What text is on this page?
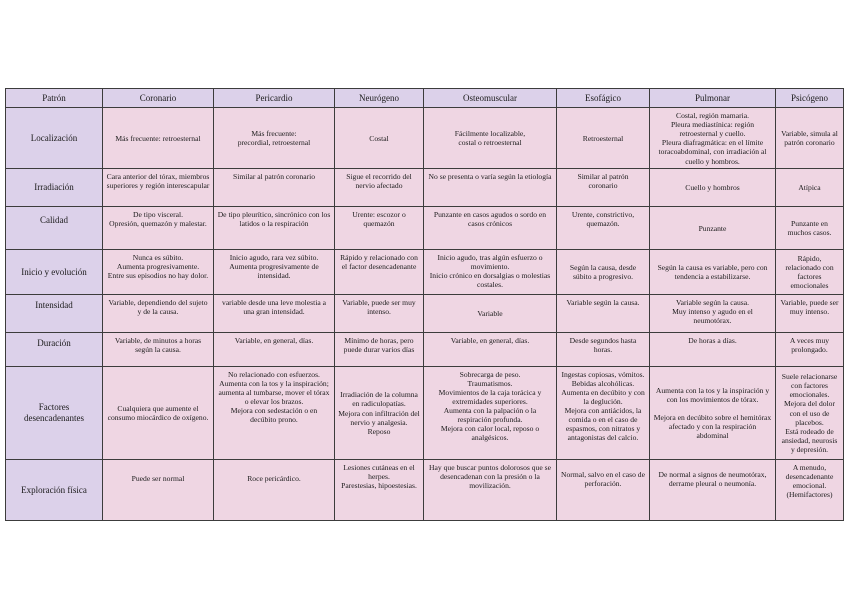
Patrón	Coronario	Pericardio	Neurógeno	Osteomuscular	Esofágico	Pulmonar	Psicógeno
Localización	Más frecuente: retroesternal	Más frecuente:
precordial, retroesternal	Costal	Fácilmente localizable,
costal o retroesternal	Retroesternal	Costal, región mamaria.
Pleura mediastínica: región retroesternal y cuello.
Pleura diafragmática: en el límite toracoabdominal, con irradiación al cuello y hombros.	Variable, simula al patrón coronario
Irradiación	Cara anterior del tórax, miembros superiores y región interescapular	Similar al patrón coronario	Sigue el recorrido del nervio afectado	No se presenta o varía según la etiología	Similar al patrón
coronario	Cuello y hombros	Atípica
Calidad	De tipo visceral.
Opresión, quemazón y malestar.	De tipo pleurítico, sincrónico con los latidos o la respiración	Urente: escozor o quemazón	Punzante en casos agudos o sordo en casos crónicos	Urente, constrictivo, quemazón.	Punzante	Punzante en muchos casos.
Inicio y evolución	Nunca es súbito.
Aumenta progresivamente.
Entre sus episodios no hay dolor.	Inicio agudo, rara vez súbito.
Aumenta progresivamente de intensidad.	Rápido y relacionado con el factor desencadenante	Inicio agudo, tras algún esfuerzo o movimiento.
Inicio crónico en dorsalgias o molestias costales.	Según la causa, desde súbito a progresivo.	Según la causa es variable, pero con tendencia a estabilizarse.	Rápido, relacionado con factores emocionales
Intensidad	Variable, dependiendo del sujeto y de la causa.	variable desde una leve molestia a una gran intensidad.	Variable, puede ser muy intenso.	Variable	Variable según la causa.	Variable según la causa.
Muy intenso y agudo en el neumotórax.	Variable, puede ser muy intenso.
Duración	Variable, de minutos a horas según la causa.	Variable, en general, días.	Mínimo de horas, pero puede durar varios días	Variable, en general, días.	Desde segundos hasta horas.	De horas a días.	A veces muy prolongado.
Factores desencadenantes	Cualquiera que aumente el consumo miocárdico de oxígeno.	No relacionado con esfuerzos.
Aumenta con la tos y la inspiración; aumenta al tumbarse, mover el tórax o elevar los brazos.
Mejora con sedestación o en decúbito prono.	Irradiación de la columna en radiculopatías.
Mejora con infiltración del nervio y analgesia.
Reposo	Sobrecarga de peso.
Traumatismos.
Movimientos de la caja torácica y extremidades superiores.
Aumenta con la palpación o la respiración profunda.
Mejora con calor local, reposo o analgésicos.	Ingestas copiosas, vómitos.
Bebidas alcohólicas.
Aumenta en decúbito y con la deglución.
Mejora con antiácidos, la comida o en el caso de espasmos, con nitratos y antagonistas del calcio.	Aumenta con la tos y la inspiración y con los movimientos de tórax.

Mejora en decúbito sobre el hemitórax afectado y con la respiración abdominal	Suele relacionarse con factores emocionales.
Mejora del dolor con el uso de placebos.
Está rodeado de ansiedad, neurosis y depresión.
Exploración física	Puede ser normal	Roce pericárdico.	Lesiones cutáneas en el herpes.
Parestesias, hipoestesias.	Hay que buscar puntos dolorosos que se desencadenan con la presión o la movilización.	Normal, salvo en el caso de perforación.	De normal a signos de neumotórax, derrame pleural o neumonía.	A menudo, desencadenante emocional.
(Hemifactores)
